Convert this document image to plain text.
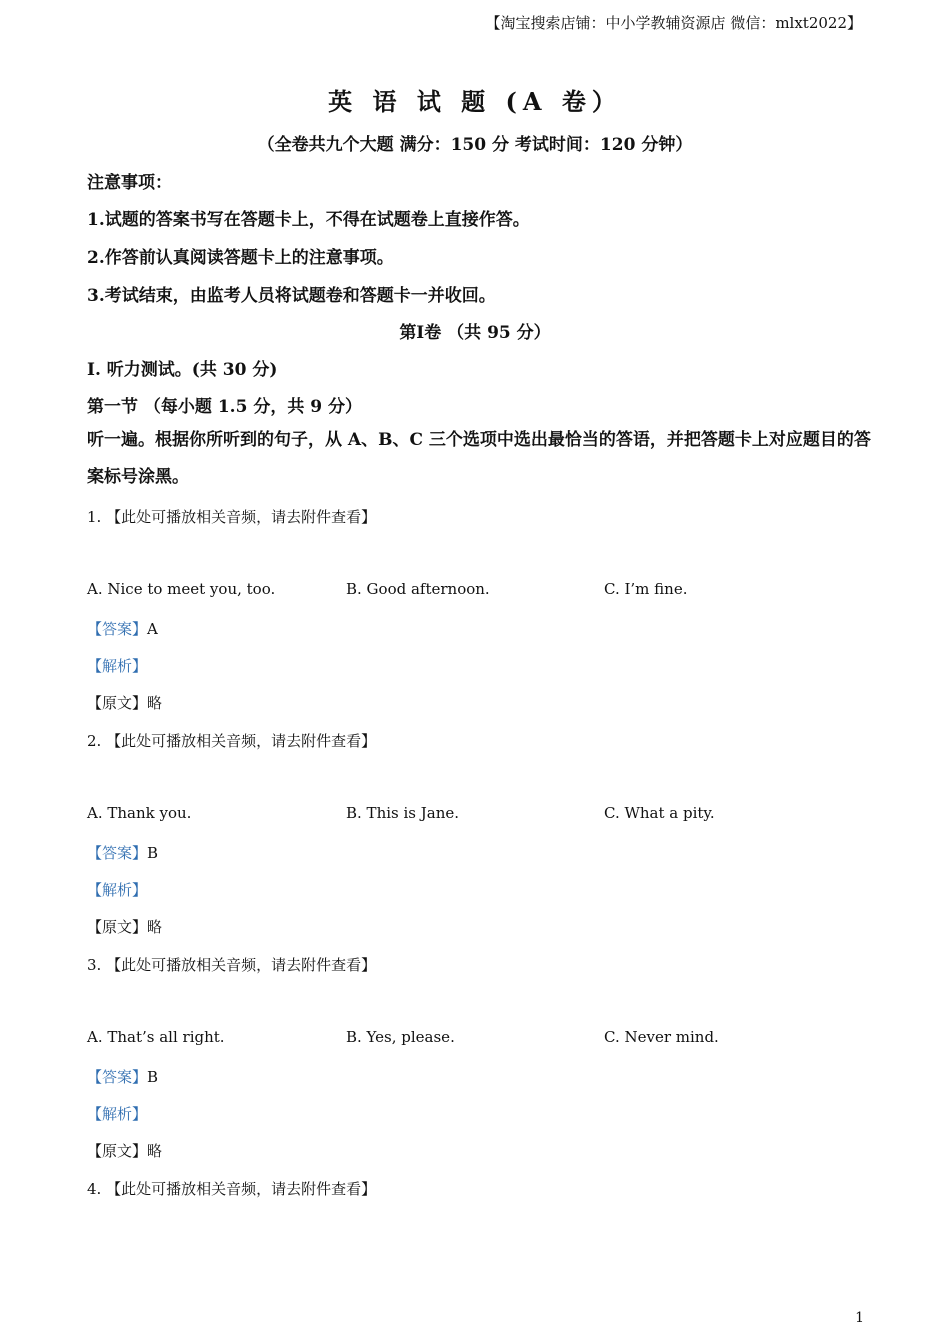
【淘宝搜索店铺：中小学教辅资源店 微信：mlxt2022】
英 语 试 题 (A 卷）
（全卷共九个大题 满分：150 分 考试时间：120 分钟）
注意事项：
1.试题的答案书写在答题卡上，不得在试题卷上直接作答。
2.作答前认真阅读答题卡上的注意事项。
3.考试结束，由监考人员将试题卷和答题卡一并收回。
第Ⅰ卷 （共 95 分）
Ⅰ. 听力测试。(共 30 分)
第一节 （每小题 1.5 分，共 9 分）
听一遍。根据你所听到的句子，从 A、B、C 三个选项中选出最恰当的答语，并把答题卡上对应题目的答案标号涂黑。
1. 【此处可播放相关音频，请去附件查看】
A. Nice to meet you, too.	B. Good afternoon.	C. I’m fine.
【答案】A
【解析】
【原文】略
2. 【此处可播放相关音频，请去附件查看】
A. Thank you.	B. This is Jane.	C. What a pity.
【答案】B
【解析】
【原文】略
3. 【此处可播放相关音频，请去附件查看】
A. That’s all right.	B. Yes, please.	C. Never mind.
【答案】B
【解析】
【原文】略
4. 【此处可播放相关音频，请去附件查看】
1
